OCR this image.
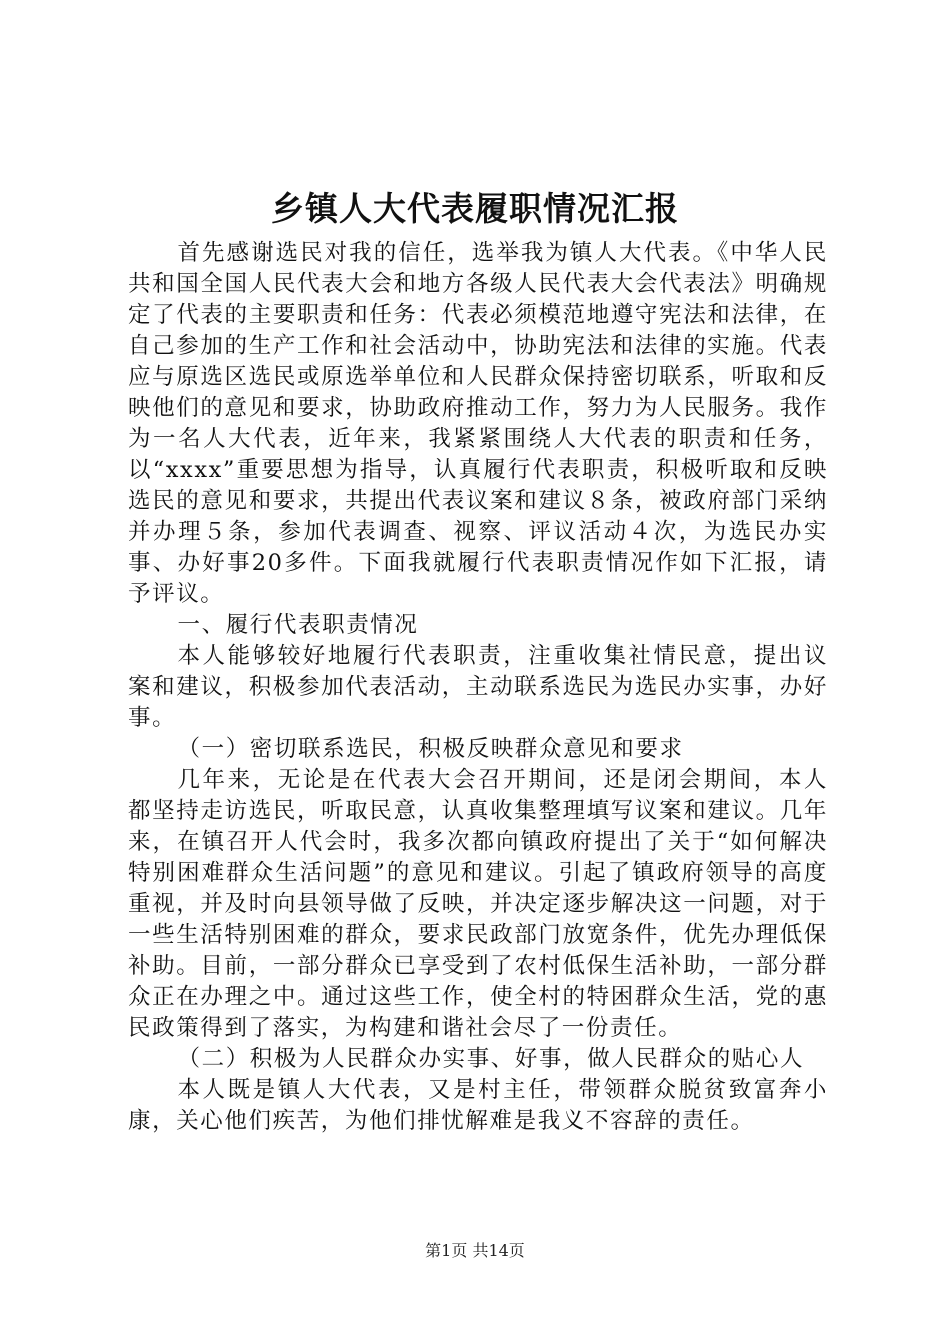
乡镇人大代表履职情况汇报

首先感谢选民对我的信任，选举我为镇人大代表。《中华人民共和国全国人民代表大会和地方各级人民代表大会代表法》明确规定了代表的主要职责和任务：代表必须模范地遵守宪法和法律，在自己参加的生产工作和社会活动中，协助宪法和法律的实施。代表应与原选区选民或原选举单位和人民群众保持密切联系，听取和反映他们的意见和要求，协助政府推动工作，努力为人民服务。我作为一名人大代表，近年来，我紧紧围绕人大代表的职责和任务，以“xxxx”重要思想为指导，认真履行代表职责，积极听取和反映选民的意见和要求，共提出代表议案和建议８条，被政府部门采纳并办理５条，参加代表调查、视察、评议活动４次，为选民办实事、办好事20多件。下面我就履行代表职责情况作如下汇报，请予评议。

一、履行代表职责情况

本人能够较好地履行代表职责，注重收集社情民意，提出议案和建议，积极参加代表活动，主动联系选民为选民办实事，办好事。

（一）密切联系选民，积极反映群众意见和要求

几年来，无论是在代表大会召开期间，还是闭会期间，本人都坚持走访选民，听取民意，认真收集整理填写议案和建议。几年来，在镇召开人代会时，我多次都向镇政府提出了关于“如何解决特别困难群众生活问题”的意见和建议。引起了镇政府领导的高度重视，并及时向县领导做了反映，并决定逐步解决这一问题，对于一些生活特别困难的群众，要求民政部门放宽条件，优先办理低保补助。目前，一部分群众已享受到了农村低保生活补助，一部分群众正在办理之中。通过这些工作，使全村的特困群众生活，党的惠民政策得到了落实，为构建和谐社会尽了一份责任。

（二）积极为人民群众办实事、好事，做人民群众的贴心人

本人既是镇人大代表，又是村主任，带领群众脱贫致富奔小康，关心他们疾苦，为他们排忧解难是我义不容辞的责任。

第1页 共14页
